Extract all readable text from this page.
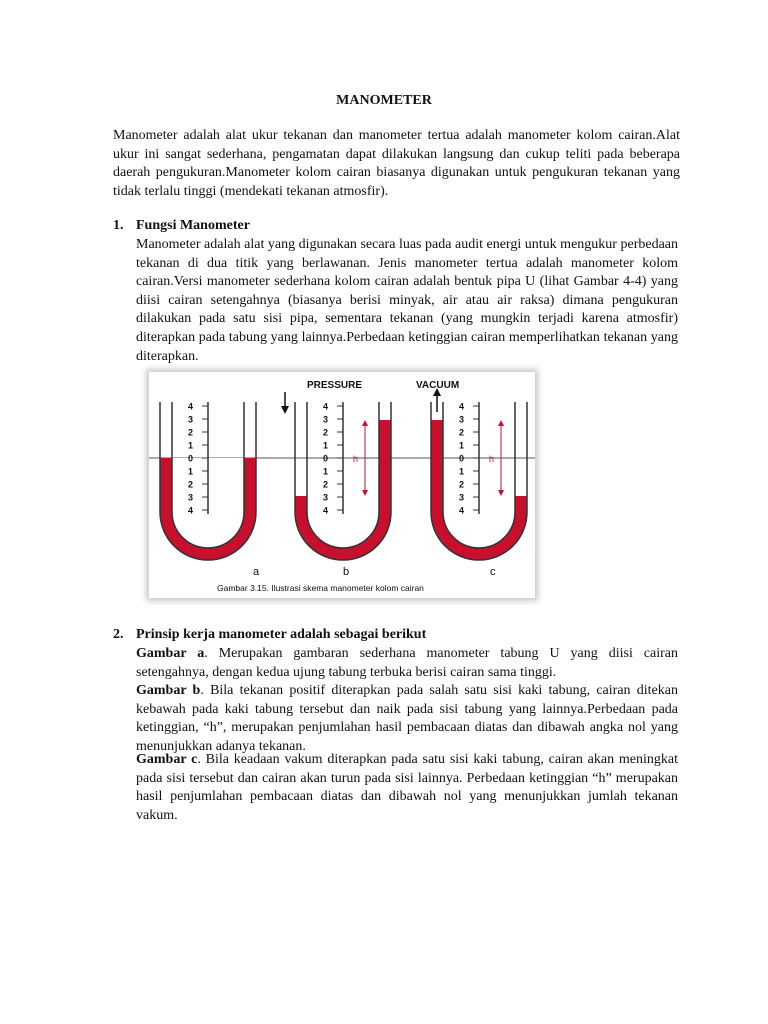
MANOMETER

Manometer adalah alat ukur tekanan dan manometer tertua adalah manometer kolom cairan.Alat ukur ini sangat sederhana, pengamatan dapat dilakukan langsung dan cukup teliti pada beberapa daerah pengukuran.Manometer kolom cairan biasanya digunakan untuk pengukuran tekanan yang tidak terlalu tinggi (mendekati tekanan atmosfir).

1. Fungsi Manometer

Manometer adalah alat yang digunakan secara luas pada audit energi untuk mengukur perbedaan tekanan di dua titik yang berlawanan. Jenis manometer tertua adalah manometer kolom cairan.Versi manometer sederhana kolom cairan adalah bentuk pipa U (lihat Gambar 4-4) yang diisi cairan setengahnya (biasanya berisi minyak, air atau air raksa) dimana pengukuran dilakukan pada satu sisi pipa, sementara tekanan (yang mungkin terjadi karena atmosfir) diterapkan pada tabung yang lainnya.Perbedaan ketinggian cairan memperlihatkan tekanan yang diterapkan.

4
3
2
1
0
1
2
3
4
4
3
2
1
0
1
2
3
4
4
3
2
1
0
1
2
3
4
PRESSURE	VACUUM
h	h
a	b	c
Gambar 3.15. Ilustrasi skema manometer kolom cairan
2. Prinsip kerja manometer adalah sebagai berikut

Gambar a. Merupakan gambaran sederhana manometer tabung U yang diisi cairan setengahnya, dengan kedua ujung tabung terbuka berisi cairan sama tinggi.

Gambar b. Bila tekanan positif diterapkan pada salah satu sisi kaki tabung, cairan ditekan kebawah pada kaki tabung tersebut dan naik pada sisi tabung yang lainnya.Perbedaan pada ketinggian, “h”, merupakan penjumlahan hasil pembacaan diatas dan dibawah angka nol yang menunjukkan adanya tekanan.

Gambar c. Bila keadaan vakum diterapkan pada satu sisi kaki tabung, cairan akan meningkat pada sisi tersebut dan cairan akan turun pada sisi lainnya. Perbedaan ketinggian “h” merupakan hasil penjumlahan pembacaan diatas dan dibawah nol yang menunjukkan jumlah tekanan vakum.
